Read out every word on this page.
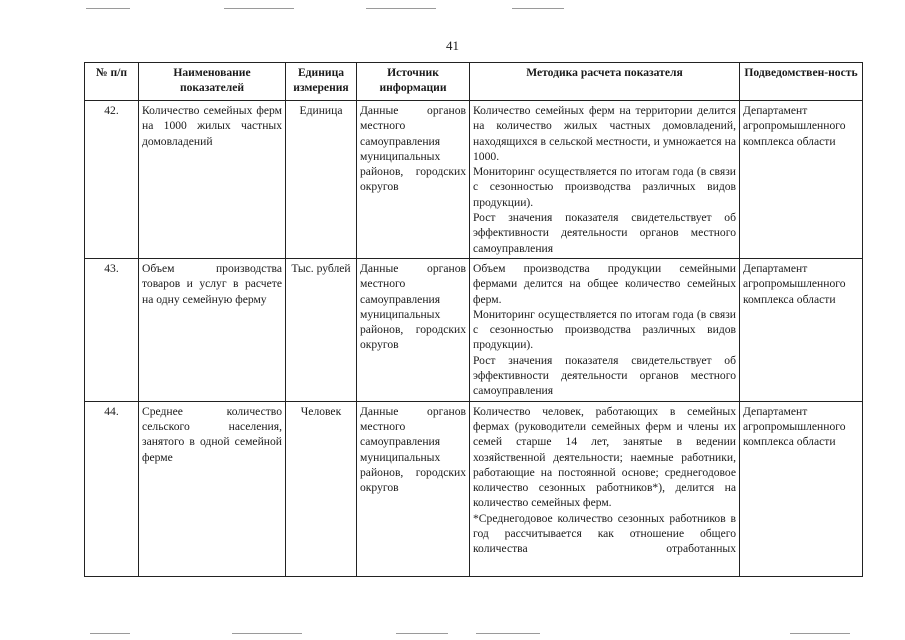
41
№ п/п	Наименование показателей	Единица измерения	Источник информации	Методика расчета показателя	Подведомствен-ность
42.	Количество семейных ферм на 1000 жилых частных домовладений	Единица	Данные органов местного самоуправления муниципальных районов, городских округов	Количество семейных ферм на территории делится на количество жилых частных домовладений, находящихся в сельской местности, и умножается на 1000.
Мониторинг осуществляется по итогам года (в связи с сезонностью производства различных видов продукции).
Рост значения показателя свидетельствует об эффективности деятельности органов местного самоуправления	Департамент агропромышленного комплекса области
43.	Объем производства товаров и услуг в расчете на одну семейную ферму	Тыс. рублей	Данные органов местного самоуправления муниципальных районов, городских округов	Объем производства продукции семейными фермами делится на общее количество семейных ферм.
Мониторинг осуществляется по итогам года (в связи с сезонностью производства различных видов продукции).
Рост значения показателя свидетельствует об эффективности деятельности органов местного самоуправления	Департамент агропромышленного комплекса области
44.	Среднее количество сельского населения, занятого в одной семейной ферме	Человек	Данные органов местного самоуправления муниципальных районов, городских округов	Количество человек, работающих в семейных фермах (руководители семейных ферм и члены их семей старше 14 лет, занятые в ведении хозяйственной деятельности; наемные работники, работающие на постоянной основе; среднегодовое количество сезонных работников*), делится на количество семейных ферм.
*Среднегодовое количество сезонных работников в год рассчитывается как отношение общего количества отработанных	Департамент агропромышленного комплекса области
